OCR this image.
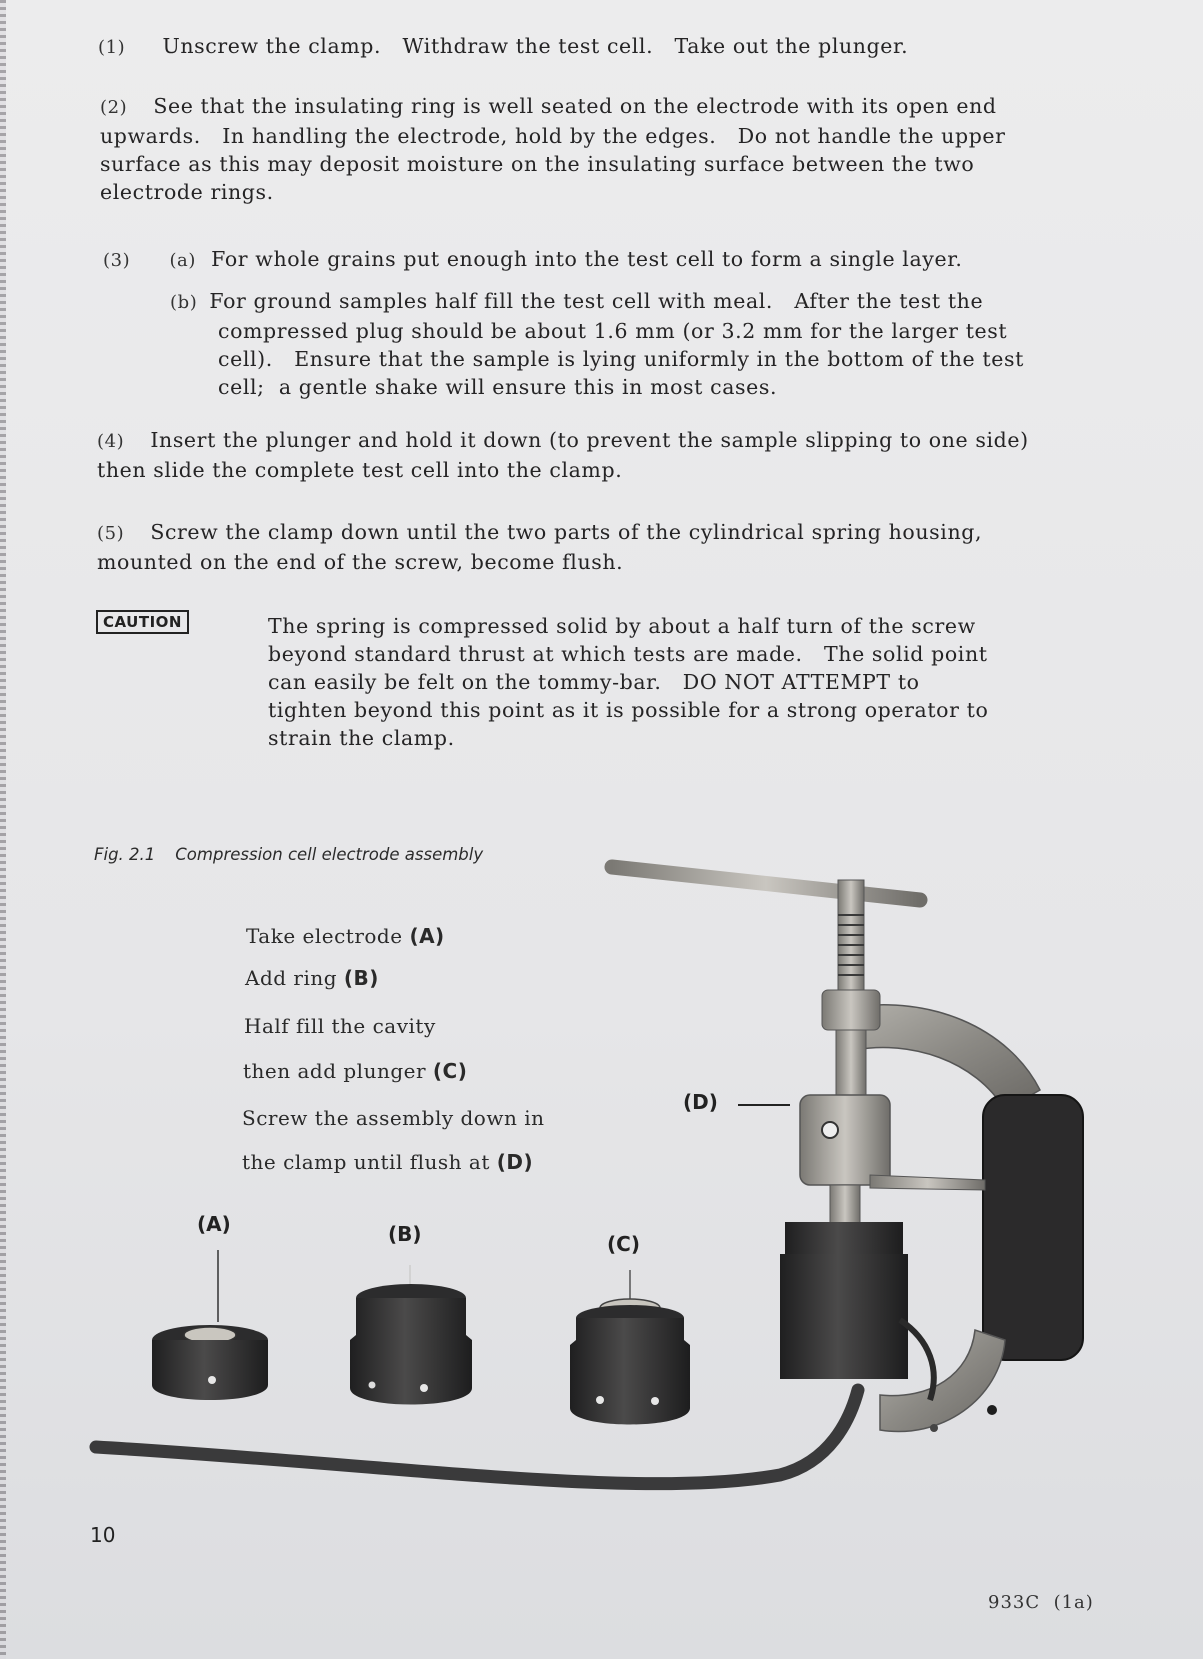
(1) Unscrew the clamp.   Withdraw the test cell.   Take out the plunger.
(2) See that the insulating ring is well seated on the electrode with its open end
upwards.   In handling the electrode, hold by the edges.   Do not handle the upper
surface as this may deposit moisture on the insulating surface between the two
electrode rings.
(3) (a) For whole grains put enough into the test cell to form a single layer.
(b) For ground samples half fill the test cell with meal.   After the test the
compressed plug should be about 1.6 mm (or 3.2 mm for the larger test
cell).   Ensure that the sample is lying uniformly in the bottom of the test
cell;  a gentle shake will ensure this in most cases.
(4) Insert the plunger and hold it down (to prevent the sample slipping to one side)
then slide the complete test cell into the clamp.
(5) Screw the clamp down until the two parts of the cylindrical spring housing,
mounted on the end of the screw, become flush.
CAUTION	The spring is compressed solid by about a half turn of the screw
beyond standard thrust at which tests are made.   The solid point
can easily be felt on the tommy-bar.   DO NOT ATTEMPT to
tighten beyond this point as it is possible for a strong operator to
strain the clamp.
Fig. 2.1 Compression cell electrode assembly
Take electrode (A)
Add ring (B)
Half fill the cavity
then add plunger (C)
Screw the assembly down in
the clamp until flush at (D)
(A)	(B)	(C)
(D)
10
933C  (1a)
